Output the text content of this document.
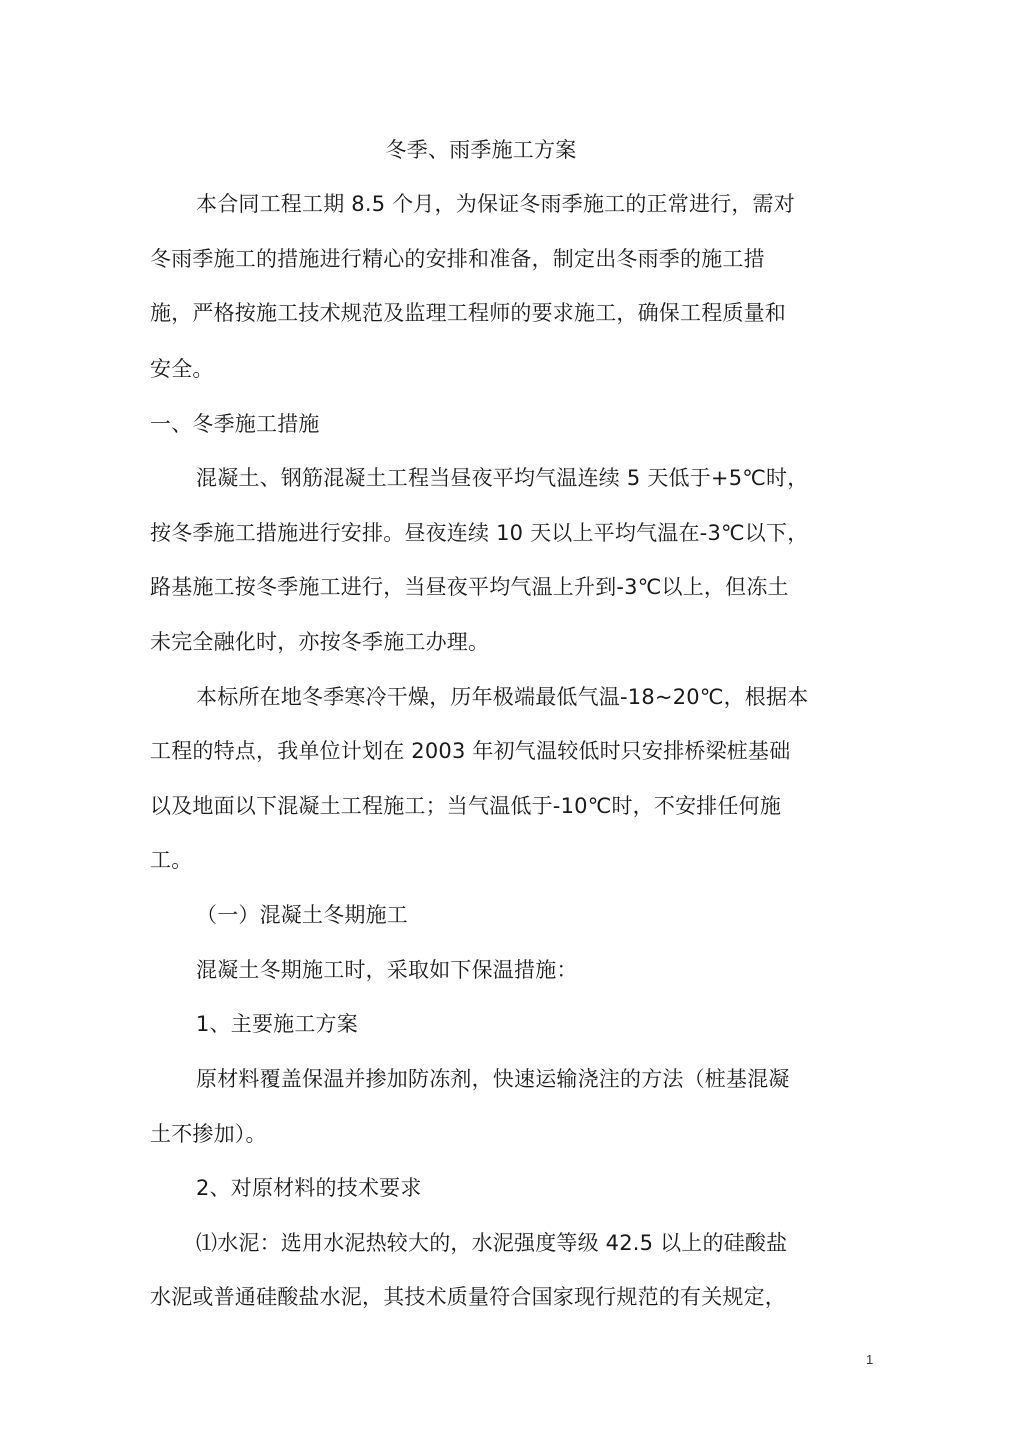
冬季、雨季施工方案
本合同工程工期 8.5 个月，为保证冬雨季施工的正常进行，需对
冬雨季施工的措施进行精心的安排和准备，制定出冬雨季的施工措
施，严格按施工技术规范及监理工程师的要求施工，确保工程质量和
安全。
一、冬季施工措施
混凝土、钢筋混凝土工程当昼夜平均气温连续 5 天低于+5℃时，
按冬季施工措施进行安排。昼夜连续 10 天以上平均气温在-3℃以下，
路基施工按冬季施工进行，当昼夜平均气温上升到-3℃以上，但冻土
未完全融化时，亦按冬季施工办理。
本标所在地冬季寒冷干燥，历年极端最低气温-18~20℃，根据本
工程的特点，我单位计划在 2003 年初气温较低时只安排桥梁桩基础
以及地面以下混凝土工程施工；当气温低于-10℃时，不安排任何施
工。
（一）混凝土冬期施工
混凝土冬期施工时，采取如下保温措施：
1、主要施工方案
原材料覆盖保温并掺加防冻剂，快速运输浇注的方法（桩基混凝
土不掺加）。
2、对原材料的技术要求
⑴水泥：选用水泥热较大的，水泥强度等级 42.5 以上的硅酸盐
水泥或普通硅酸盐水泥，其技术质量符合国家现行规范的有关规定，
1
